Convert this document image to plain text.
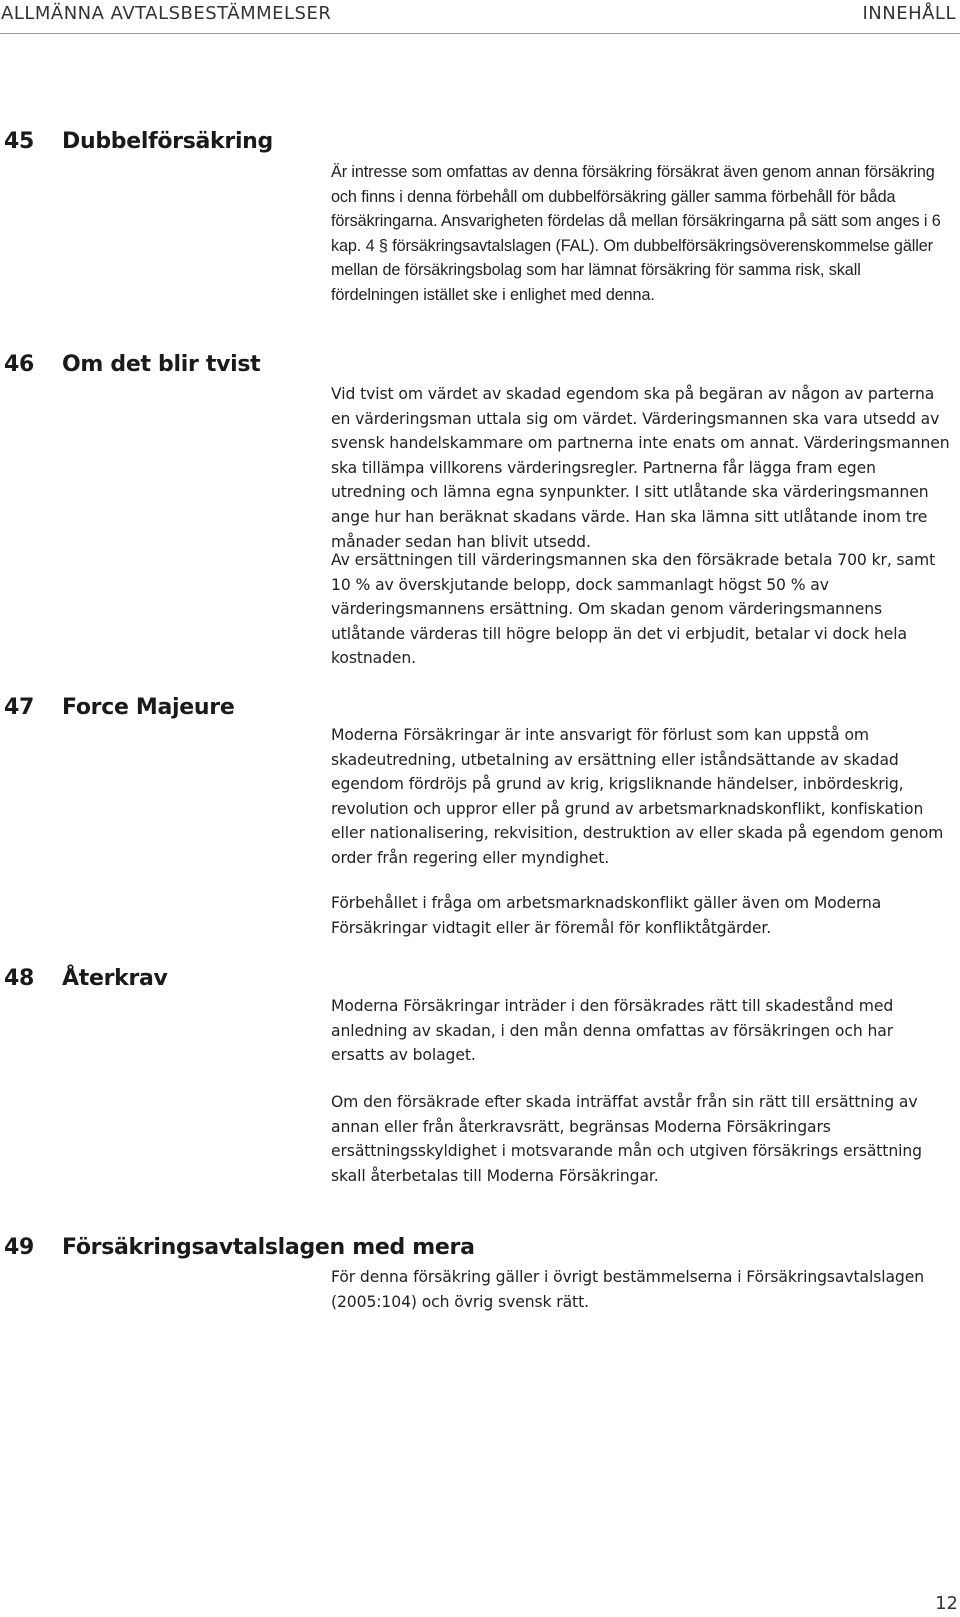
ALLMÄNNA AVTALSBESTÄMMELSER	INNEHÅLL
45 Dubbelförsäkring

Är intresse som omfattas av denna försäkring försäkrat även genom annan försäkring och finns i denna förbehåll om dubbelförsäkring gäller samma förbehåll för båda försäkringarna. Ansvarigheten fördelas då mellan försäkringarna på sätt som anges i 6 kap. 4 § försäkringsavtalslagen (FAL). Om dubbelförsäkringsöverenskommelse gäller mellan de försäkringsbolag som har lämnat försäkring för samma risk, skall fördelningen istället ske i enlighet med denna.

46 Om det blir tvist

Vid tvist om värdet av skadad egendom ska på begäran av någon av parterna en värderingsman uttala sig om värdet. Värderingsmannen ska vara utsedd av svensk handelskammare om partnerna inte enats om annat. Värderingsmannen ska tillämpa villkorens värderingsregler. Partnerna får lägga fram egen utredning och lämna egna synpunkter. I sitt utlåtande ska värderingsmannen ange hur han beräknat skadans värde. Han ska lämna sitt utlåtande inom tre månader sedan han blivit utsedd.

Av ersättningen till värderingsmannen ska den försäkrade betala 700 kr, samt 10 % av överskjutande belopp, dock sammanlagt högst 50 % av värderingsmannens ersättning. Om skadan genom värderingsmannens utlåtande värderas till högre belopp än det vi erbjudit, betalar vi dock hela kostnaden.

47 Force Majeure

Moderna Försäkringar är inte ansvarigt för förlust som kan uppstå om skadeutredning, utbetalning av ersättning eller iståndsättande av skadad egendom fördröjs på grund av krig, krigsliknande händelser, inbördeskrig, revolution och uppror eller på grund av arbetsmarknadskonflikt, konfiskation eller nationalisering, rekvisition, destruktion av eller skada på egendom genom order från regering eller myndighet.

Förbehållet i fråga om arbetsmarknadskonflikt gäller även om Moderna Försäkringar vidtagit eller är föremål för konfliktåtgärder.

48 Återkrav

Moderna Försäkringar inträder i den försäkrades rätt till skadestånd med anledning av skadan, i den mån denna omfattas av försäkringen och har ersatts av bolaget.

Om den försäkrade efter skada inträffat avstår från sin rätt till ersättning av annan eller från återkravsrätt, begränsas Moderna Försäkringars ersättningsskyldighet i motsvarande mån och utgiven försäkrings ersättning skall återbetalas till Moderna Försäkringar.

49 Försäkringsavtalslagen med mera

För denna försäkring gäller i övrigt bestämmelserna i Försäkringsavtalslagen (2005:104) och övrig svensk rätt.

12
